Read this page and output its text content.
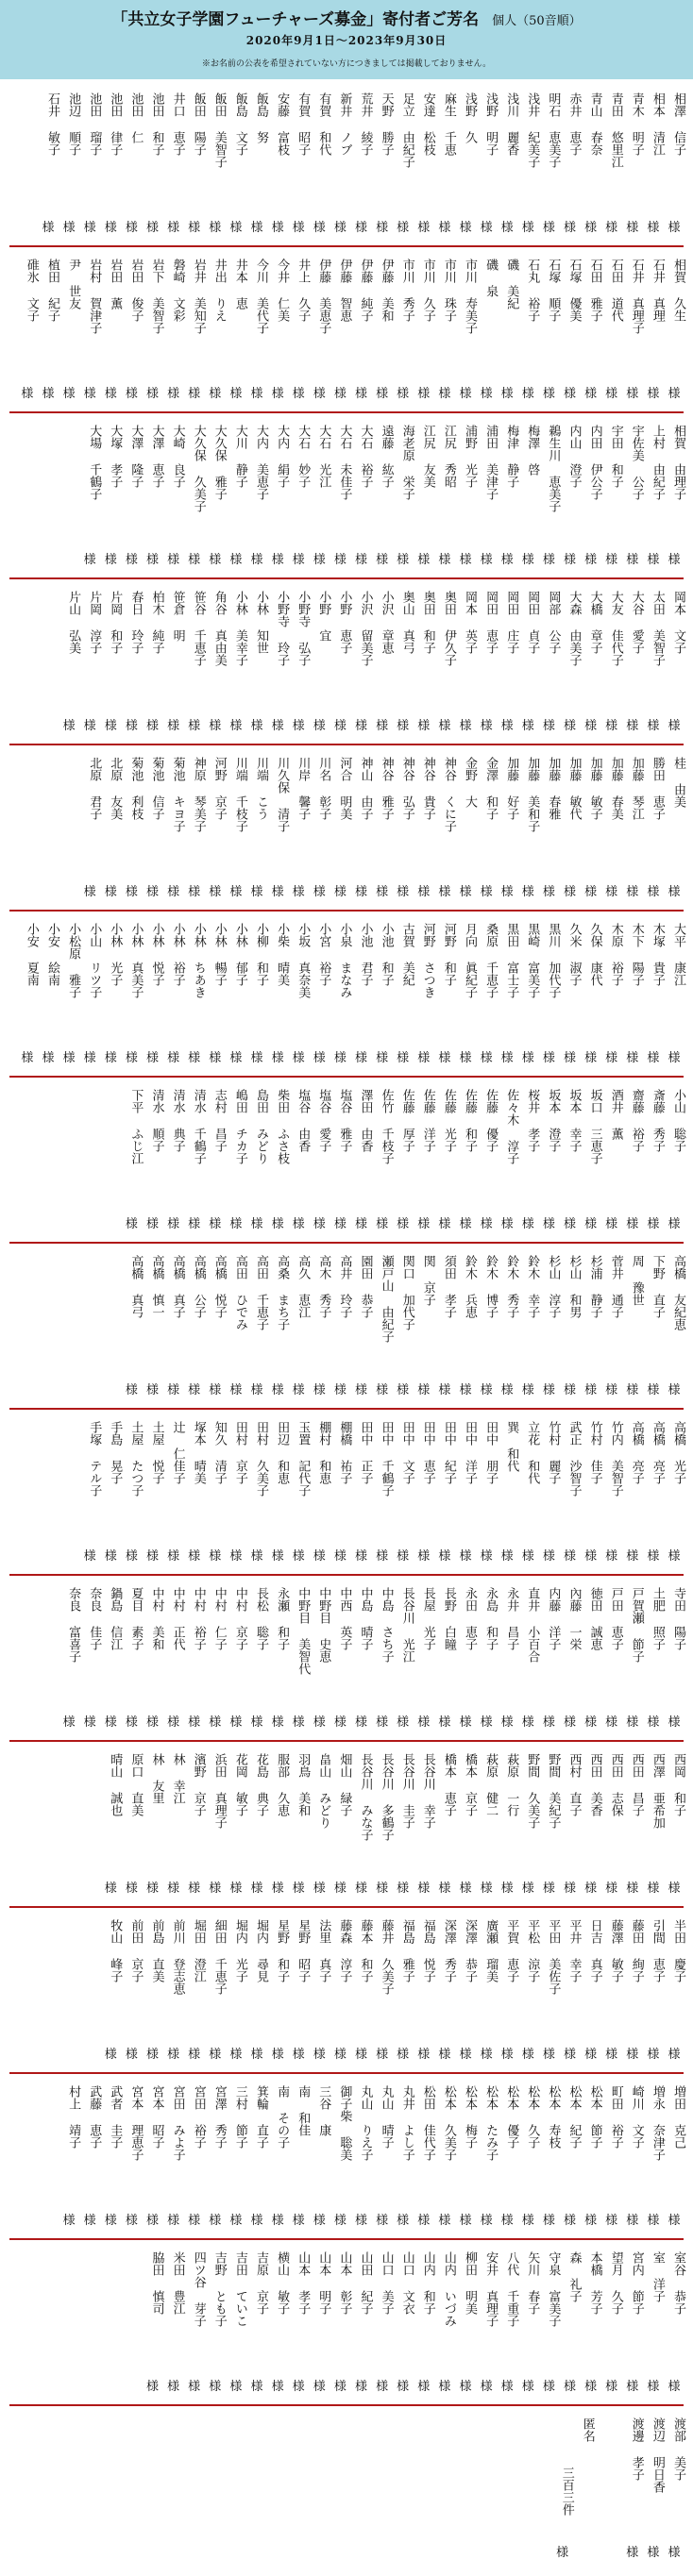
「共立女子学園フューチャーズ募金」寄付者ご芳名 個人（50音順）
2020年9月1日〜2023年9月30日
※お名前の公表を希望されていない方につきましては掲載しておりません。
相澤 信子
様
相本 清江
様
青木 明子
様
青田 悠里江
様
青山 春奈
様
赤井 恵子
様
明石 恵美子
様
浅井 紀美子
様
浅川 麗香
様
浅野 明子
様
浅野 久
様
麻生 千恵
様
安達 松枝
様
足立 由紀子
様
天野 勝子
様
荒井 綾子
様
新井 ノブ
様
有賀 和代
様
有賀 昭子
様
安藤 富枝
様
飯島 努
様
飯島 文子
様
飯田 美智子
様
飯田 陽子
様
井口 恵子
様
池田 和子
様
池田 仁
様
池田 律子
様
池田 瑠子
様
池辺 順子
様
石井 敏子
様
相賀 久生
様
石井 真理
様
石井 真理子
様
石田 道代
様
石田 雅子
様
石塚 優美
様
石塚 順子
様
石丸 裕子
様
磯 美紀
様
磯 泉
様
市川 寿美子
様
市川 珠子
様
市川 久子
様
市川 秀子
様
伊藤 美和
様
伊藤 純子
様
伊藤 智恵
様
伊藤 美恵子
様
井上 久子
様
今井 仁美
様
今川 美代子
様
井本 恵
様
井出 りえ
様
岩井 美知子
様
磐崎 文彩
様
岩下 美智子
様
岩田 俊子
様
岩田 薫
様
岩村 賀津子
様
尹 世友
様
植田 紀子
様
碓氷 文子
様
相賀 由理子
様
上村 由紀子
様
宇佐美 公子
様
宇田 和子
様
内田 伊公子
様
内山 澄子
様
鵜生川 恵美子
様
梅澤 啓
様
梅津 静子
様
浦田 美津子
様
浦野 光子
様
江尻 秀昭
様
江尻 友美
様
海老原 栄子
様
遠藤 紘子
様
大石 裕子
様
大石 未佳子
様
大石 光江
様
大石 妙子
様
大内 絹子
様
大内 美恵子
様
大川 静子
様
大久保 雅子
様
大久保 久美子
様
大崎 良子
様
大澤 恵子
様
大澤 隆子
様
大塚 孝子
様
大場 千鶴子
様
岡本 文子
様
太田 美智子
様
大谷 愛子
様
大友 佳代子
様
大橋 章子
様
大森 由美子
様
岡部 公子
様
岡田 貞子
様
岡田 庄子
様
岡田 恵子
様
岡本 英子
様
奥田 伊久子
様
奥田 和子
様
奥山 真弓
様
小沢 章恵
様
小沢 留美子
様
小野 恵子
様
小野 宜
様
小野寺 弘子
様
小野寺 玲子
様
小林 知世
様
小林 美幸子
様
角谷 真由美
様
笹谷 千恵子
様
笹倉 明
様
柏木 純子
様
春日 玲子
様
片岡 和子
様
片岡 淳子
様
片山 弘美
様
桂 由美
様
勝田 恵子
様
加藤 琴江
様
加藤 春美
様
加藤 敏子
様
加藤 敏代
様
加藤 春雅
様
加藤 美和子
様
加藤 好子
様
金澤 和子
様
金野 大
様
神谷 くに子
様
神谷 貴子
様
神谷 弘子
様
神谷 雅子
様
神山 由子
様
河合 明美
様
川名 彰子
様
川岸 馨子
様
川久保 清子
様
川端 こう
様
川端 千枝子
様
河野 京子
様
神原 琴美子
様
菊池 キヨ子
様
菊池 信子
様
菊池 利枝
様
北原 友美
様
北原 君子
様
大平 康江
様
木塚 貴子
様
木下 陽子
様
木原 裕子
様
久保 康代
様
久米 淑子
様
黒川 加代子
様
黒崎 富美子
様
黒田 富士子
様
桑原 千恵子
様
月向 眞紀子
様
河野 和子
様
河野 さつき
様
古賀 美紀
様
小池 和子
様
小池 君子
様
小泉 まなみ
様
小宮 裕子
様
小坂 真奈美
様
小柴 晴美
様
小柳 和子
様
小林 郁子
様
小林 暢子
様
小林 ちあき
様
小林 裕子
様
小林 悦子
様
小林 真美子
様
小林 光子
様
小山 リツ子
様
小松原 雅子
様
小安 絵南
様
小安 夏南
様
小山 聡子
様
斎藤 秀子
様
齋藤 裕子
様
酒井 薫
様
坂口 三恵子
様
坂本 幸子
様
坂本 澄子
様
桜井 孝子
様
佐々木 淳子
様
佐藤 優子
様
佐藤 和子
様
佐藤 光子
様
佐藤 洋子
様
佐藤 厚子
様
佐竹 千枝子
様
澤田 由香
様
塩谷 雅子
様
塩谷 愛子
様
塩谷 由香
様
柴田 ふさ枝
様
島田 みどり
様
嶋田 チカ子
様
志村 昌子
様
清水 千鶴子
様
清水 典子
様
清水 順子
様
下平 ふじ江
様
高橋 友紀恵
様
下野 直子
様
周 豫世
様
菅井 通子
様
杉浦 静子
様
杉山 和男
様
杉山 淳子
様
鈴木 幸子
様
鈴木 秀子
様
鈴木 博子
様
鈴木 兵恵
様
須田 孝子
様
関 京子
様
関口 加代子
様
瀬戸山 由紀子
様
園田 恭子
様
高井 玲子
様
高木 秀子
様
高久 恵江
様
高桑 まち子
様
高田 千恵子
様
高田 ひでみ
様
高橋 悦子
様
高橋 公子
様
高橋 真子
様
高橋 慎一
様
高橋 真弓
様
高橋 光子
様
高橋 亮子
様
高橋 亮子
様
竹内 美智子
様
竹村 佳子
様
武正 沙智子
様
竹村 麗子
様
立花 和代
様
巽 和代
様
田中 朋子
様
田中 洋子
様
田中 紀子
様
田中 恵子
様
田中 文子
様
田中 千鶴子
様
田中 正子
様
棚橋 祐子
様
棚村 和恵
様
玉置 記代子
様
田辺 和恵
様
田村 久美子
様
田村 京子
様
知久 清子
様
塚本 晴美
様
辻 仁佳子
様
土屋 悦子
様
土屋 たつ子
様
手島 晃子
様
手塚 テル子
様
寺田 陽子
様
土肥 照子
様
戸賀瀬 節子
様
戸田 恵子
様
徳田 誠恵
様
內藤 一栄
様
内藤 洋子
様
直井 小百合
様
永井 昌子
様
永島 和子
様
永田 恵子
様
長野 白瞳
様
長屋 光子
様
長谷川 光江
様
中島 さち子
様
中島 晴子
様
中西 英子
様
中野目 史恵
様
中野目 美智代
様
永瀬 和子
様
長松 聡子
様
中村 京子
様
中村 仁子
様
中村 裕子
様
中村 正代
様
中村 美和
様
夏目 素子
様
鍋島 信江
様
奈良 佳子
様
奈良 富喜子
様
西岡 和子
様
西澤 亜希加
様
西田 昌子
様
西田 志保
様
西田 美香
様
西村 直子
様
野間 美紀子
様
野間 久美子
様
萩原 一行
様
萩原 健二
様
橋本 京子
様
橋本 恵子
様
長谷川 幸子
様
長谷川 圭子
様
長谷川 多鶴子
様
長谷川 みな子
様
畑山 緑子
様
畠山 みどり
様
羽鳥 美和
様
服部 久恵
様
花島 典子
様
花岡 敏子
様
浜田 真理子
様
濱野 京子
様
林 幸江
様
林 友里
様
原口 直美
様
晴山 誠也
様
半田 慶子
様
引間 恵子
様
藤田 絢子
様
藤澤 敏子
様
日吉 真子
様
平井 幸子
様
平田 美佐子
様
平松 涼子
様
平賀 恵子
様
廣瀬 瑠美
様
深澤 恭子
様
深澤 秀子
様
福島 悦子
様
福島 雅子
様
藤井 久美子
様
藤本 和子
様
藤森 淳子
様
法里 真子
様
星野 昭子
様
星野 和子
様
堀内 尋見
様
堀内 光子
様
細田 千恵子
様
堀田 澄江
様
前川 登志恵
様
前島 直美
様
前田 京子
様
牧山 峰子
様
増田 克己
様
増永 奈津子
様
崎川 文子
様
町田 裕子
様
松本 節子
様
松本 紀子
様
松本 寿枝
様
松本 久子
様
松本 優子
様
松本 たみ子
様
松本 梅子
様
松本 久美子
様
松田 佳代子
様
丸井 よし子
様
丸山 晴子
様
丸山 りえ子
様
御子柴 聡美
様
三谷 康
様
南 和佳
様
南 その子
様
箕輪 直子
様
三村 節子
様
宮澤 秀子
様
宮田 裕子
様
宮田 みよ子
様
宮本 昭子
様
宮本 理恵子
様
武者 圭子
様
武藤 恵子
様
村上 靖子
様
室谷 恭子
様
室 洋子
様
宮内 節子
様
望月 久子
様
本橋 芳子
様
森 礼子
様
守泉 富美子
様
矢川 春子
様
八代 千重子
様
安井 真理子
様
柳田 明美
様
山内 いづみ
様
山内 和子
様
山口 文衣
様
山口 美子
様
山田 紀子
様
山本 彰子
様
山本 明子
様
山本 孝子
様
横山 敏子
様
吉原 京子
様
吉田 ていこ
様
吉野 とも子
様
四ツ谷 芽子
様
米田 豊江
様
脇田 慎司
様
渡部 美子
様
渡辺 明日香
様
渡邊 孝子
様
匿名
三百三件
様
